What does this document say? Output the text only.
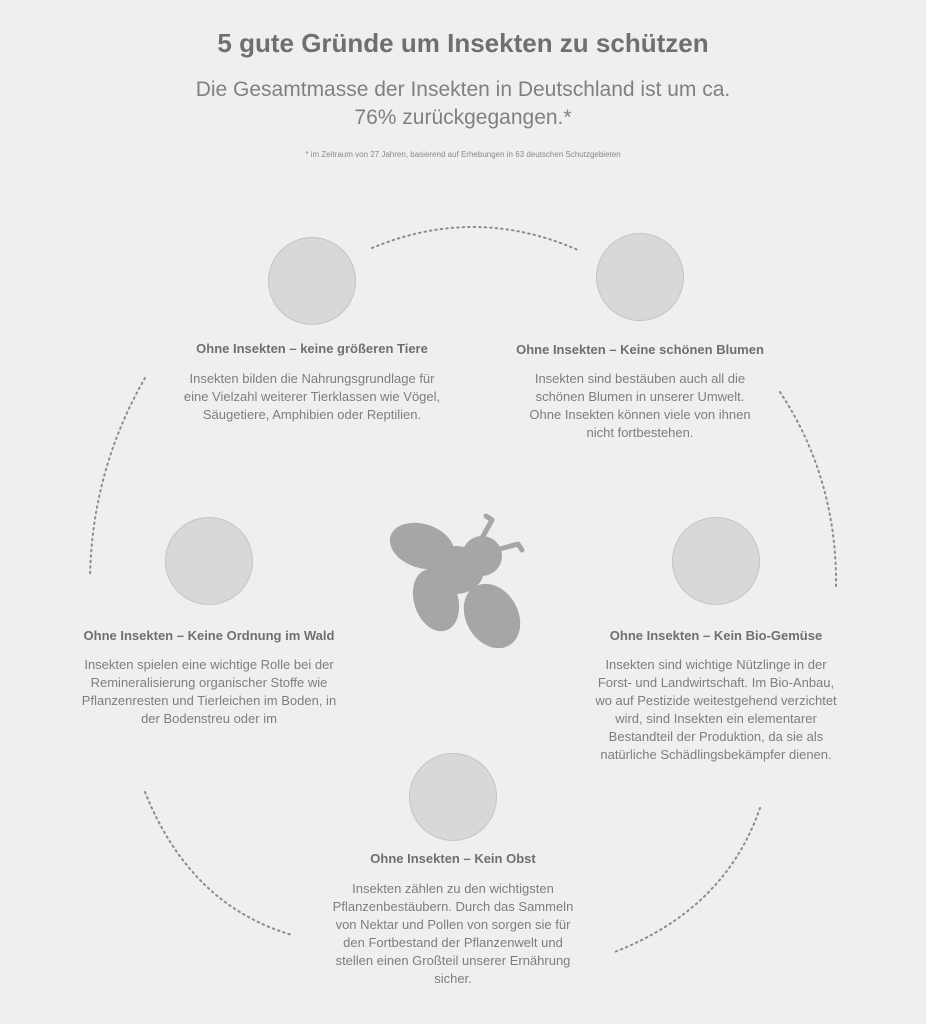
5 gute Gründe um Insekten zu schützen

Die Gesamtmasse der Insekten in Deutschland ist um ca. 76% zurückgegangen.*

* im Zeitraum von 27 Jahren, basierend auf Erhebungen in 63 deutschen Schutzgebieten
Ohne Insekten – keine größeren Tiere

Insekten bilden die Nahrungsgrundlage für eine Vielzahl weiterer Tierklassen wie Vögel, Säugetiere, Amphibien oder Reptilien.

Ohne Insekten – Keine schönen Blumen

Insekten sind bestäuben auch all die schönen Blumen in unserer Umwelt. Ohne Insekten können viele von ihnen nicht fortbestehen.

Ohne Insekten – Keine Ordnung im Wald

Insekten spielen eine wichtige Rolle bei der Remineralisierung organischer Stoffe wie Pflanzenresten und Tierleichen im Boden, in der Bodenstreu oder im

Ohne Insekten – Kein Bio-Gemüse

Insekten sind wichtige Nützlinge in der Forst- und Landwirtschaft. Im Bio-Anbau, wo auf Pestizide weitestgehend verzichtet wird, sind Insekten ein elementarer Bestandteil der Produktion, da sie als natürliche Schädlingsbekämpfer dienen.

Ohne Insekten – Kein Obst

Insekten zählen zu den wichtigsten Pflanzenbestäubern. Durch das Sammeln von Nektar und Pollen von sorgen sie für den Fortbestand der Pflanzenwelt und stellen einen Großteil unserer Ernährung sicher.
